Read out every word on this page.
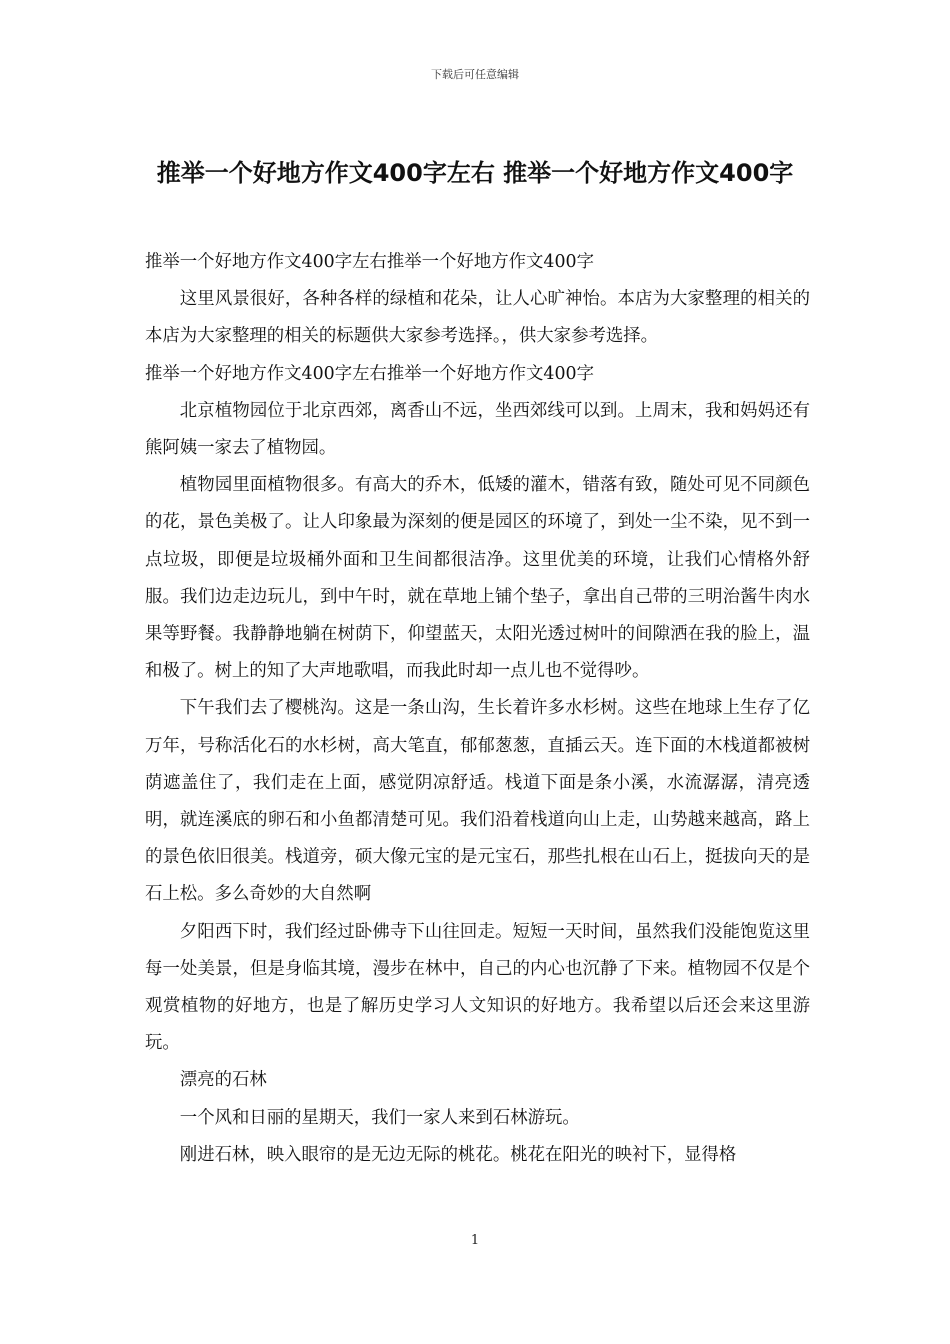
下载后可任意编辑
推举一个好地方作文400字左右 推举一个好地方作文400字

推举一个好地方作文400字左右推举一个好地方作文400字

这里风景很好，各种各样的绿植和花朵，让人心旷神怡。本店为大家整理的相关的本店为大家整理的相关的标题供大家参考选择。，供大家参考选择。

推举一个好地方作文400字左右推举一个好地方作文400字

北京植物园位于北京西郊，离香山不远，坐西郊线可以到。上周末，我和妈妈还有熊阿姨一家去了植物园。

植物园里面植物很多。有高大的乔木，低矮的灌木，错落有致，随处可见不同颜色的花，景色美极了。让人印象最为深刻的便是园区的环境了，到处一尘不染，见不到一点垃圾，即便是垃圾桶外面和卫生间都很洁净。这里优美的环境，让我们心情格外舒服。我们边走边玩儿，到中午时，就在草地上铺个垫子，拿出自己带的三明治酱牛肉水果等野餐。我静静地躺在树荫下，仰望蓝天，太阳光透过树叶的间隙洒在我的脸上，温和极了。树上的知了大声地歌唱，而我此时却一点儿也不觉得吵。

下午我们去了樱桃沟。这是一条山沟，生长着许多水杉树。这些在地球上生存了亿万年，号称活化石的水杉树，高大笔直，郁郁葱葱，直插云天。连下面的木栈道都被树荫遮盖住了，我们走在上面，感觉阴凉舒适。栈道下面是条小溪，水流潺潺，清亮透明，就连溪底的卵石和小鱼都清楚可见。我们沿着栈道向山上走，山势越来越高，路上的景色依旧很美。栈道旁，硕大像元宝的是元宝石，那些扎根在山石上，挺拔向天的是石上松。多么奇妙的大自然啊

夕阳西下时，我们经过卧佛寺下山往回走。短短一天时间，虽然我们没能饱览这里每一处美景，但是身临其境，漫步在林中，自己的内心也沉静了下来。植物园不仅是个观赏植物的好地方，也是了解历史学习人文知识的好地方。我希望以后还会来这里游玩。

漂亮的石林

一个风和日丽的星期天，我们一家人来到石林游玩。

刚进石林，映入眼帘的是无边无际的桃花。桃花在阳光的映衬下，显得格

1
